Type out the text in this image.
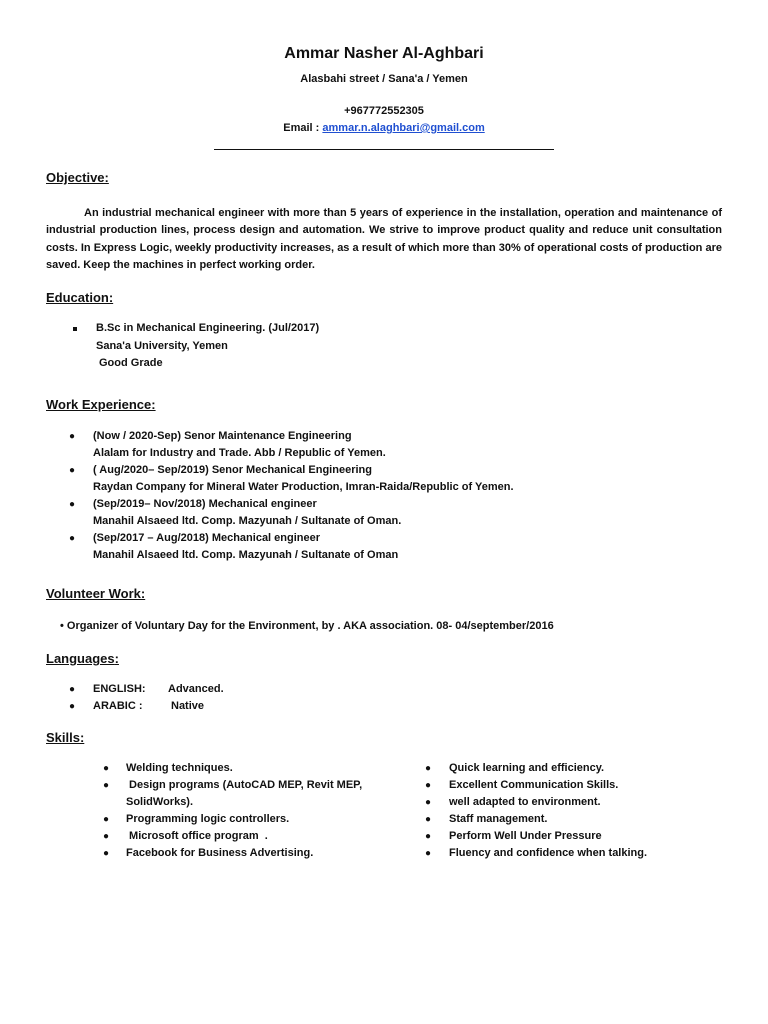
Ammar Nasher Al-Aghbari
Alasbahi street / Sana'a / Yemen
+967772552305
Email : ammar.n.alaghbari@gmail.com
Objective:
An industrial mechanical engineer with more than 5 years of experience in the installation, operation and maintenance of industrial production lines, process design and automation. We strive to improve product quality and reduce unit consultation costs. In Express Logic, weekly productivity increases, as a result of which more than 30% of operational costs of production are saved. Keep the machines in perfect working order.
Education:
B.Sc in Mechanical Engineering. (Jul/2017)
Sana'a University, Yemen
Good Grade
Work Experience:
● (Now / 2020-Sep) Senor Maintenance Engineering
Alalam for Industry and Trade. Abb / Republic of Yemen.
● ( Aug/2020– Sep/2019) Senor Mechanical Engineering
Raydan Company for Mineral Water Production, Imran-Raida/Republic of Yemen.
● (Sep/2019– Nov/2018) Mechanical engineer
Manahil Alsaeed ltd. Comp. Mazyunah / Sultanate of Oman.
● (Sep/2017 – Aug/2018) Mechanical engineer
Manahil Alsaeed ltd. Comp. Mazyunah / Sultanate of Oman
Volunteer Work:
• Organizer of Voluntary Day for the Environment, by . AKA association. 08- 04/september/2016
Languages:
● ENGLISH: Advanced.
● ARABIC :	Native
Skills:
● Welding techniques.
● Design programs (AutoCAD MEP, Revit MEP,
SolidWorks).
● Programming logic controllers.
● Microsoft office program  .
● Facebook for Business Advertising.
● Quick learning and efficiency.
● Excellent Communication Skills.
● well adapted to environment.
● Staff management.
● Perform Well Under Pressure
● Fluency and confidence when talking.
